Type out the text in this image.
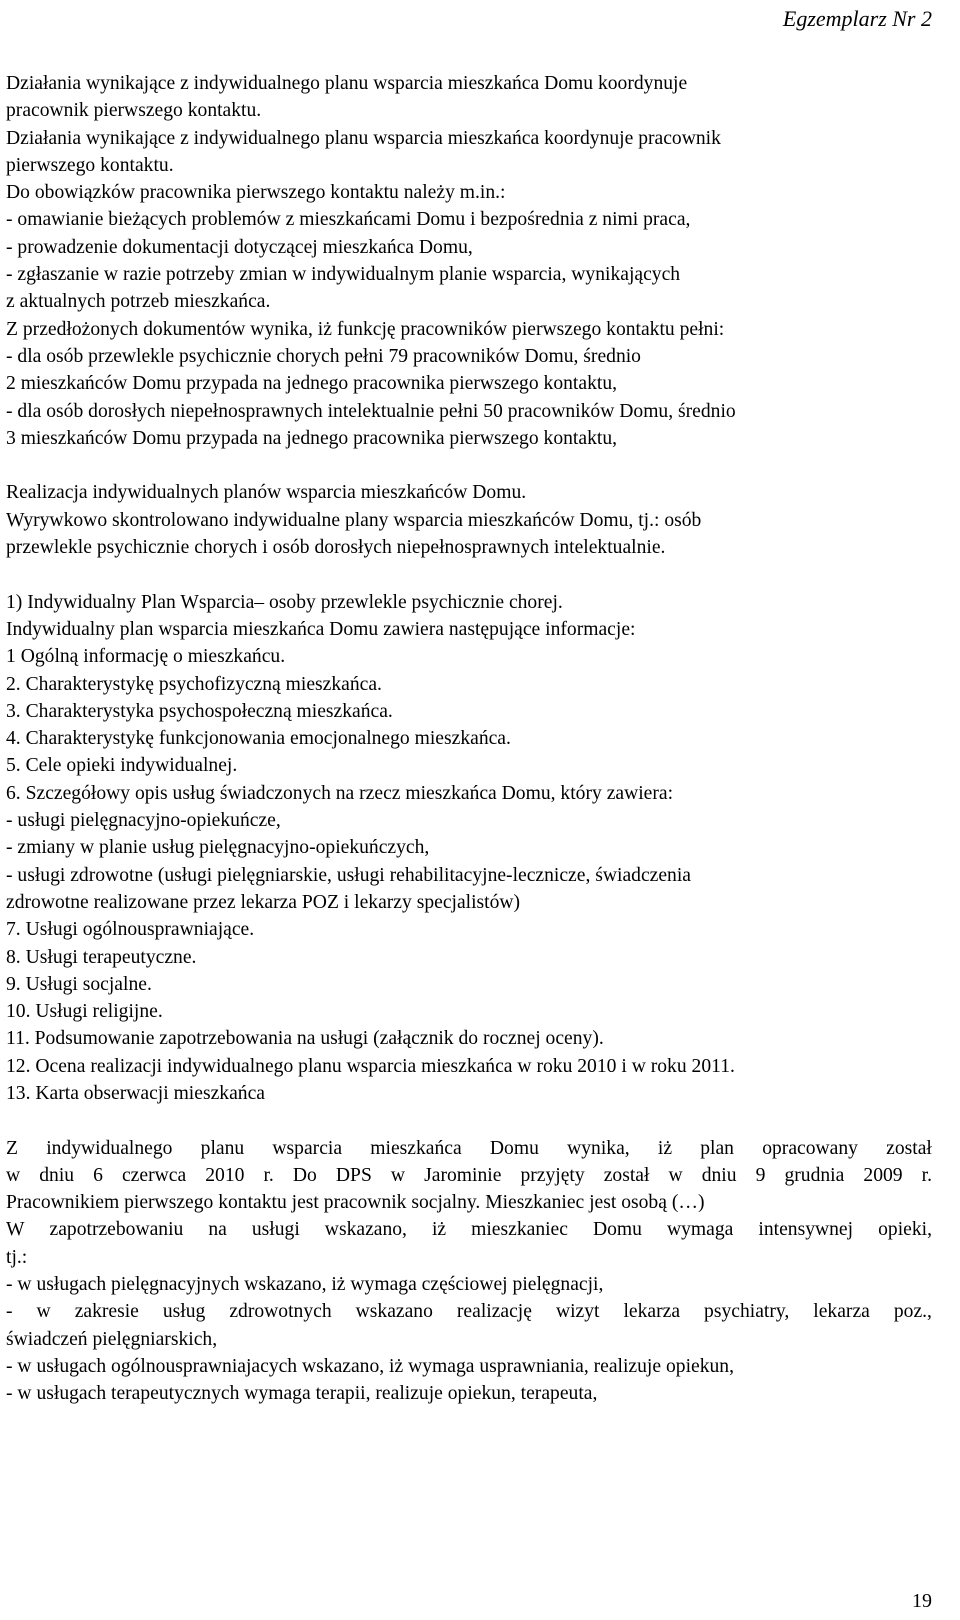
Egzemplarz Nr 2
Działania wynikające z indywidualnego planu wsparcia mieszkańca Domu koordynuje
pracownik pierwszego kontaktu.
Działania wynikające z indywidualnego planu wsparcia mieszkańca koordynuje pracownik
pierwszego kontaktu.
Do obowiązków pracownika pierwszego kontaktu należy m.in.:
- omawianie bieżących problemów z mieszkańcami Domu i bezpośrednia z nimi praca,
- prowadzenie dokumentacji dotyczącej mieszkańca Domu,
- zgłaszanie w razie potrzeby zmian w indywidualnym planie wsparcia, wynikających
z aktualnych potrzeb mieszkańca.
Z przedłożonych dokumentów wynika, iż funkcję pracowników pierwszego kontaktu pełni:
- dla osób przewlekle psychicznie chorych pełni 79 pracowników Domu, średnio
2 mieszkańców Domu przypada na jednego pracownika pierwszego kontaktu,
- dla osób dorosłych niepełnosprawnych intelektualnie pełni 50 pracowników Domu, średnio
3 mieszkańców Domu przypada na jednego pracownika pierwszego kontaktu,
Realizacja indywidualnych planów wsparcia mieszkańców Domu.
Wyrywkowo skontrolowano indywidualne plany wsparcia mieszkańców Domu, tj.: osób
przewlekle psychicznie chorych i osób dorosłych niepełnosprawnych intelektualnie.
1) Indywidualny Plan Wsparcia– osoby przewlekle psychicznie chorej.
Indywidualny plan wsparcia mieszkańca Domu zawiera następujące informacje:
1 Ogólną informację o mieszkańcu.
2. Charakterystykę psychofizyczną mieszkańca.
3. Charakterystyka psychospołeczną mieszkańca.
4. Charakterystykę funkcjonowania emocjonalnego mieszkańca.
5. Cele opieki indywidualnej.
6. Szczegółowy opis usług świadczonych na rzecz mieszkańca Domu, który zawiera:
- usługi pielęgnacyjno-opiekuńcze,
- zmiany w planie usług pielęgnacyjno-opiekuńczych,
- usługi zdrowotne (usługi pielęgniarskie, usługi rehabilitacyjne-lecznicze, świadczenia
zdrowotne realizowane przez lekarza POZ i lekarzy specjalistów)
7. Usługi ogólnousprawniające.
8. Usługi terapeutyczne.
9. Usługi socjalne.
10. Usługi religijne.
11. Podsumowanie zapotrzebowania na usługi (załącznik do rocznej oceny).
12. Ocena realizacji indywidualnego planu wsparcia mieszkańca w roku 2010 i w roku 2011.
13. Karta obserwacji mieszkańca
Z indywidualnego planu wsparcia mieszkańca Domu wynika, iż plan opracowany został
w dniu 6 czerwca 2010 r. Do DPS w Jarominie przyjęty został w dniu 9 grudnia 2009 r.
Pracownikiem pierwszego kontaktu jest pracownik socjalny. Mieszkaniec jest osobą (…)
W zapotrzebowaniu na usługi wskazano, iż mieszkaniec Domu wymaga intensywnej opieki,
tj.:
- w usługach pielęgnacyjnych wskazano, iż wymaga częściowej pielęgnacji,
- w zakresie usług zdrowotnych wskazano realizację wizyt lekarza psychiatry, lekarza poz.,
świadczeń pielęgniarskich,
- w usługach ogólnousprawniajacych wskazano, iż wymaga usprawniania, realizuje opiekun,
- w usługach terapeutycznych wymaga terapii, realizuje opiekun, terapeuta,
19
